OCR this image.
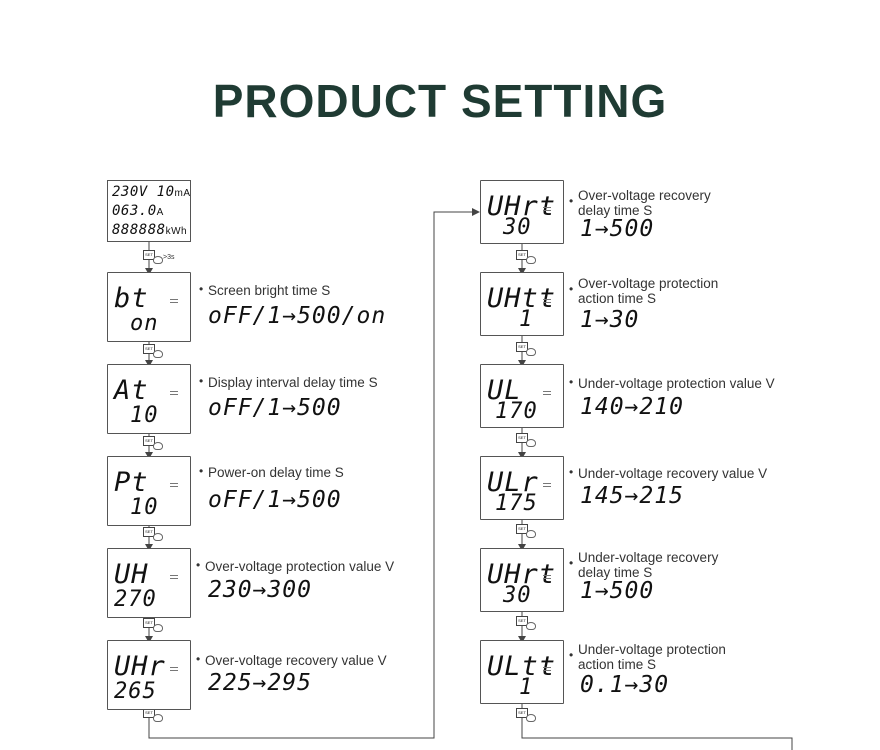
PRODUCT SETTING
230V 10mA
063.0A
888888kWh
SET	>3s
SET
SET
SET
SET
SET
SET
SET
SET
SET
SET
SET
bt
on
• Screen bright time S
oFF/1→500/on
At
10
• Display interval delay time S
oFF/1→500
Pt
10
• Power-on delay time S
oFF/1→500
UH
270
• Over-voltage protection value V
230→300
UHr
265
• Over-voltage recovery value V
225→295
UHrt
30
• Over-voltage recovery
delay time S
1→500
UHtt
1
• Over-voltage protection
action time S
1→30
UL
170
• Under-voltage protection value V
140→210
ULr
175
• Under-voltage recovery value V
145→215
UHrt
30
• Under-voltage recovery
delay time S
1→500
ULtt
1
• Under-voltage protection
action time S
0.1→30
